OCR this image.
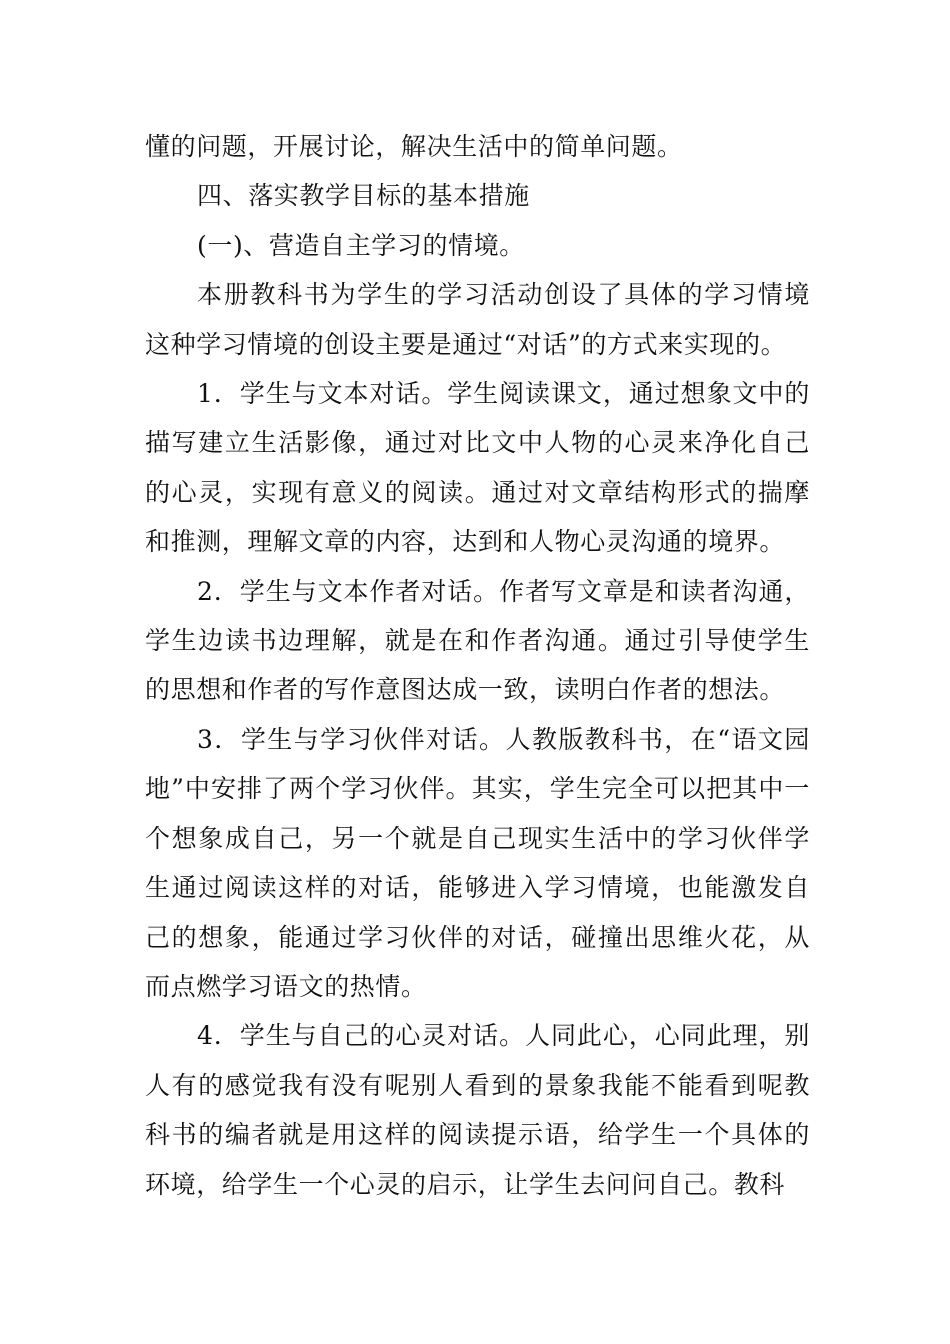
懂的问题，开展讨论，解决生活中的简单问题。

四、落实教学目标的基本措施

(一)、营造自主学习的情境。

本册教科书为学生的学习活动创设了具体的学习情境这种学习情境的创设主要是通过“对话”的方式来实现的。

1．学生与文本对话。学生阅读课文，通过想象文中的描写建立生活影像，通过对比文中人物的心灵来净化自己的心灵，实现有意义的阅读。通过对文章结构形式的揣摩和推测，理解文章的内容，达到和人物心灵沟通的境界。

2．学生与文本作者对话。作者写文章是和读者沟通，学生边读书边理解，就是在和作者沟通。通过引导使学生的思想和作者的写作意图达成一致，读明白作者的想法。

3．学生与学习伙伴对话。人教版教科书，在“语文园地”中安排了两个学习伙伴。其实，学生完全可以把其中一个想象成自己，另一个就是自己现实生活中的学习伙伴学生通过阅读这样的对话，能够进入学习情境，也能激发自己的想象，能通过学习伙伴的对话，碰撞出思维火花，从而点燃学习语文的热情。

4．学生与自己的心灵对话。人同此心，心同此理，别人有的感觉我有没有呢别人看到的景象我能不能看到呢教科书的编者就是用这样的阅读提示语，给学生一个具体的环境，给学生一个心灵的启示，让学生去问问自己。教科
